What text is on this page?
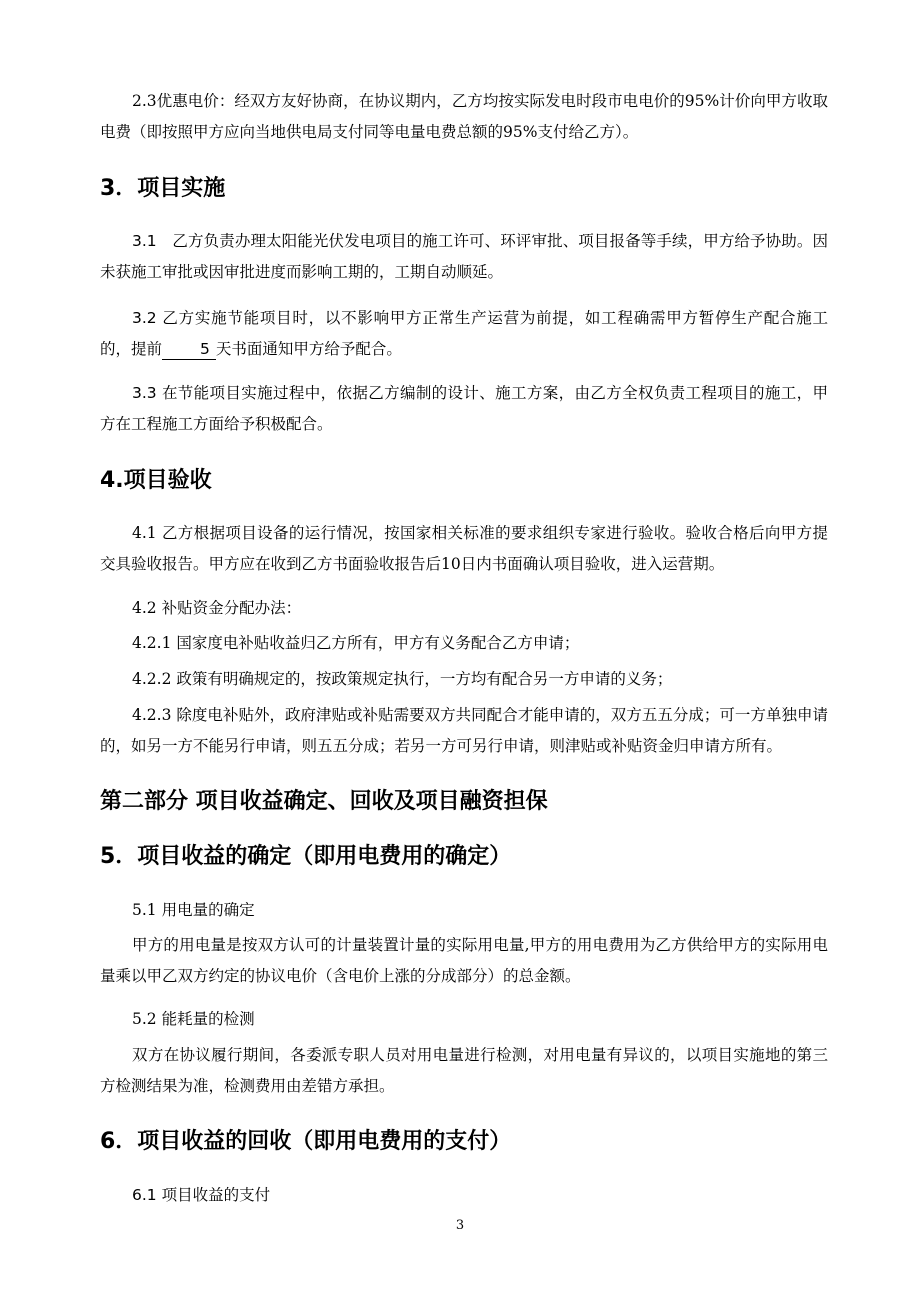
2.3优惠电价：经双方友好协商，在协议期内，乙方均按实际发电时段市电电价的95%计价向甲方收取电费（即按照甲方应向当地供电局支付同等电量电费总额的95%支付给乙方）。
3．项目实施
3.1　乙方负责办理太阳能光伏发电项目的施工许可、环评审批、项目报备等手续，甲方给予协助。因未获施工审批或因审批进度而影响工期的，工期自动顺延。
3.2 乙方实施节能项目时，以不影响甲方正常生产运营为前提，如工程确需甲方暂停生产配合施工的，提前 5 天书面通知甲方给予配合。
3.3 在节能项目实施过程中，依据乙方编制的设计、施工方案，由乙方全权负责工程项目的施工，甲方在工程施工方面给予积极配合。
4.项目验收
4.1 乙方根据项目设备的运行情况，按国家相关标准的要求组织专家进行验收。验收合格后向甲方提交具验收报告。甲方应在收到乙方书面验收报告后10日内书面确认项目验收，进入运营期。
4.2 补贴资金分配办法：
4.2.1 国家度电补贴收益归乙方所有，甲方有义务配合乙方申请；
4.2.2 政策有明确规定的，按政策规定执行，一方均有配合另一方申请的义务；
4.2.3 除度电补贴外，政府津贴或补贴需要双方共同配合才能申请的，双方五五分成；可一方单独申请的，如另一方不能另行申请，则五五分成；若另一方可另行申请，则津贴或补贴资金归申请方所有。
第二部分 项目收益确定、回收及项目融资担保
5．项目收益的确定（即用电费用的确定）
5.1 用电量的确定
甲方的用电量是按双方认可的计量装置计量的实际用电量,甲方的用电费用为乙方供给甲方的实际用电量乘以甲乙双方约定的协议电价（含电价上涨的分成部分）的总金额。
5.2 能耗量的检测
双方在协议履行期间，各委派专职人员对用电量进行检测，对用电量有异议的，以项目实施地的第三方检测结果为准，检测费用由差错方承担。
6．项目收益的回收（即用电费用的支付）
6.1 项目收益的支付
3
